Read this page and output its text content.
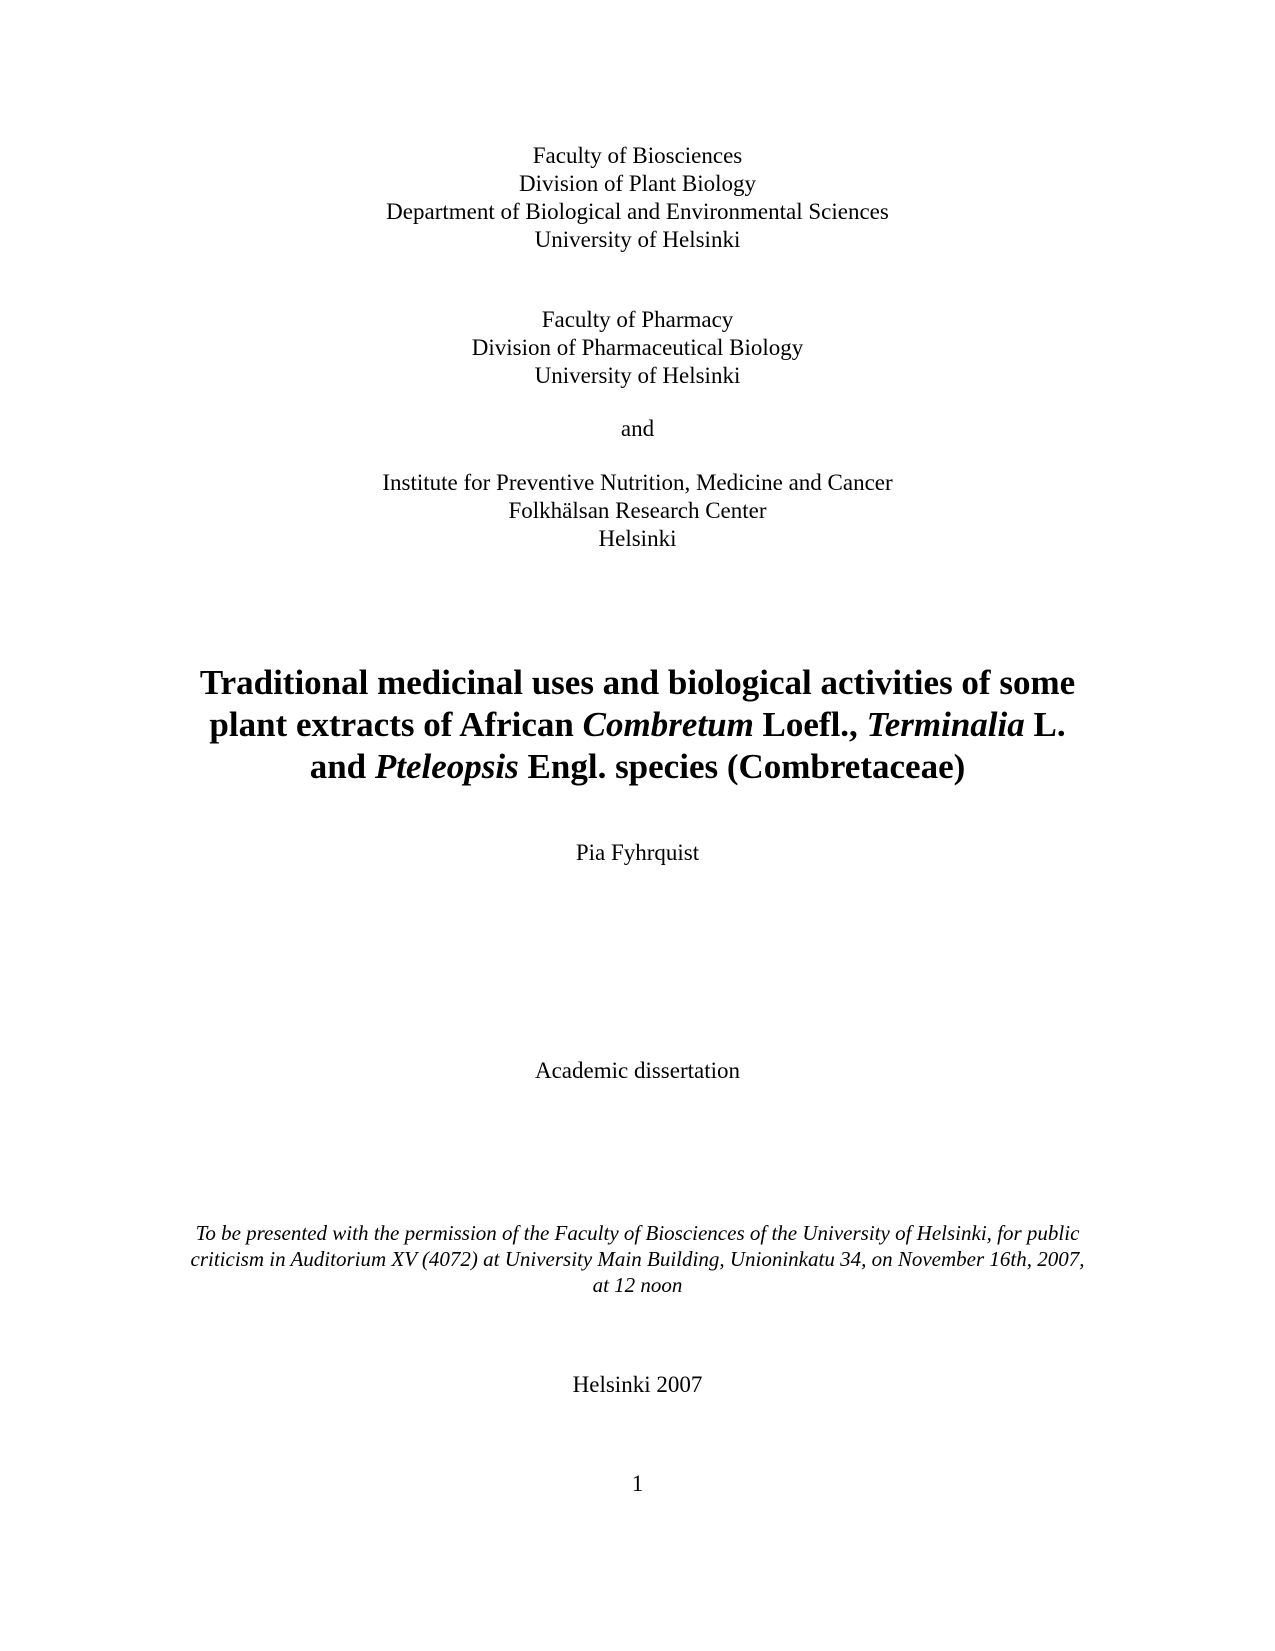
Faculty of Biosciences
Division of Plant Biology
Department of Biological and Environmental Sciences
University of Helsinki
Faculty of Pharmacy
Division of Pharmaceutical Biology
University of Helsinki
and
Institute for Preventive Nutrition, Medicine and Cancer
Folkhälsan Research Center
Helsinki
Traditional medicinal uses and biological activities of some
plant extracts of African Combretum Loefl., Terminalia L.
and Pteleopsis Engl. species (Combretaceae)
Pia Fyhrquist
Academic dissertation
To be presented with the permission of the Faculty of Biosciences of the University of Helsinki, for public
criticism in Auditorium XV (4072) at University Main Building, Unioninkatu 34, on November 16th, 2007,
at 12 noon
Helsinki 2007
1
